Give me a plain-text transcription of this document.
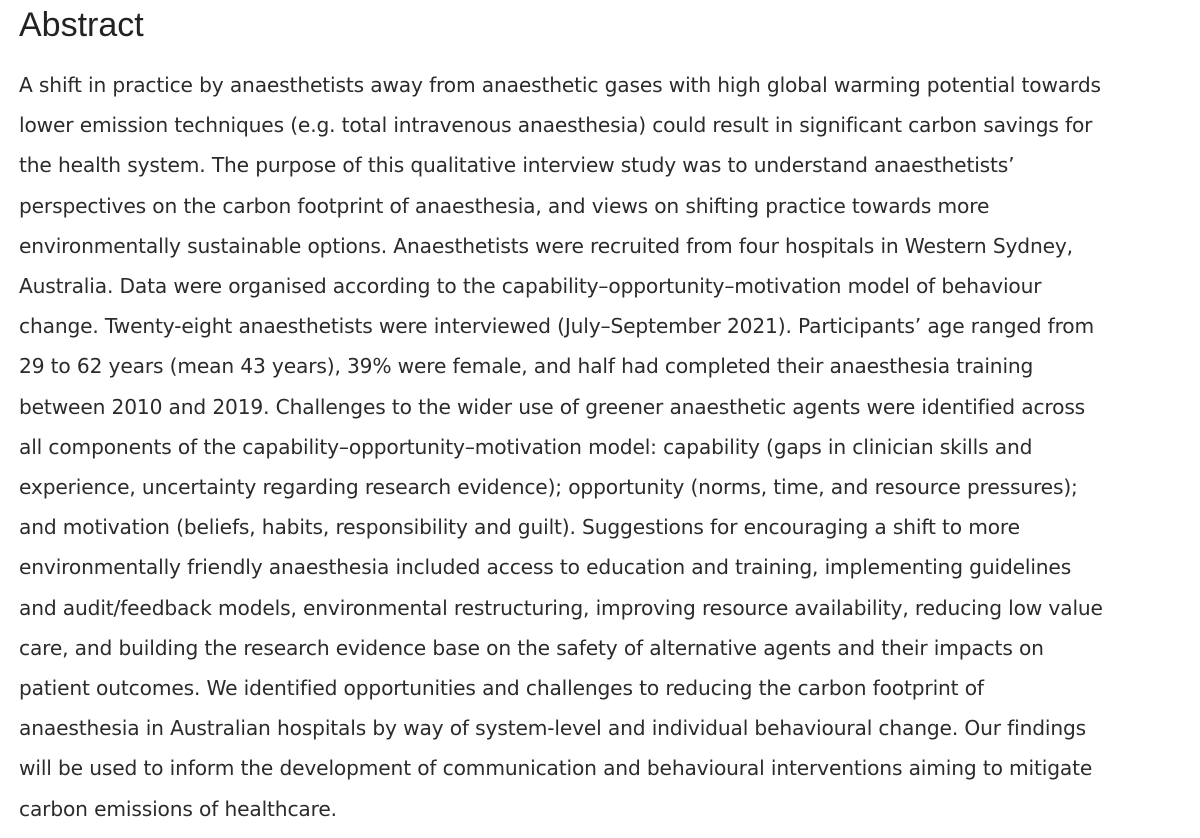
Abstract

A shift in practice by anaesthetists away from anaesthetic gases with high global warming potential towards
lower emission techniques (e.g. total intravenous anaesthesia) could result in significant carbon savings for
the health system. The purpose of this qualitative interview study was to understand anaesthetists’
perspectives on the carbon footprint of anaesthesia, and views on shifting practice towards more
environmentally sustainable options. Anaesthetists were recruited from four hospitals in Western Sydney,
Australia. Data were organised according to the capability–opportunity–motivation model of behaviour
change. Twenty-eight anaesthetists were interviewed (July–September 2021). Participants’ age ranged from
29 to 62 years (mean 43 years), 39% were female, and half had completed their anaesthesia training
between 2010 and 2019. Challenges to the wider use of greener anaesthetic agents were identified across
all components of the capability–opportunity–motivation model: capability (gaps in clinician skills and
experience, uncertainty regarding research evidence); opportunity (norms, time, and resource pressures);
and motivation (beliefs, habits, responsibility and guilt). Suggestions for encouraging a shift to more
environmentally friendly anaesthesia included access to education and training, implementing guidelines
and audit/feedback models, environmental restructuring, improving resource availability, reducing low value
care, and building the research evidence base on the safety of alternative agents and their impacts on
patient outcomes. We identified opportunities and challenges to reducing the carbon footprint of
anaesthesia in Australian hospitals by way of system-level and individual behavioural change. Our findings
will be used to inform the development of communication and behavioural interventions aiming to mitigate
carbon emissions of healthcare.
